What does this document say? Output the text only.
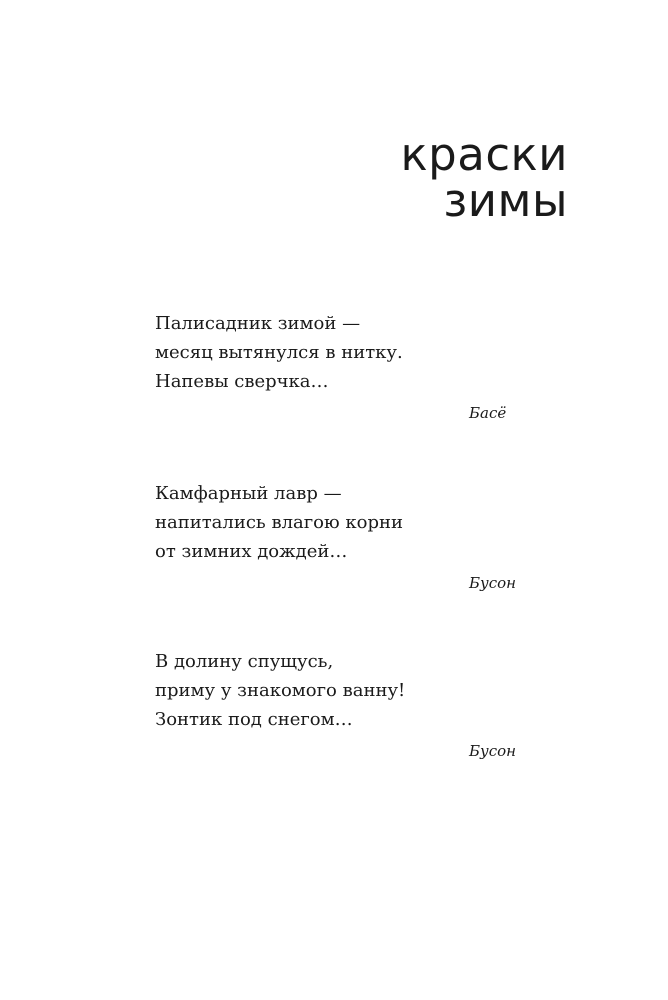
краски
зимы
Палисадник зимой —
месяц вытянулся в нитку.
Напевы сверчка…
Басё
Камфарный лавр —
напитались влагою корни
от зимних дождей…
Бусон
В долину спущусь,
приму у знакомого ванну!
Зонтик под снегом…
Бусон
